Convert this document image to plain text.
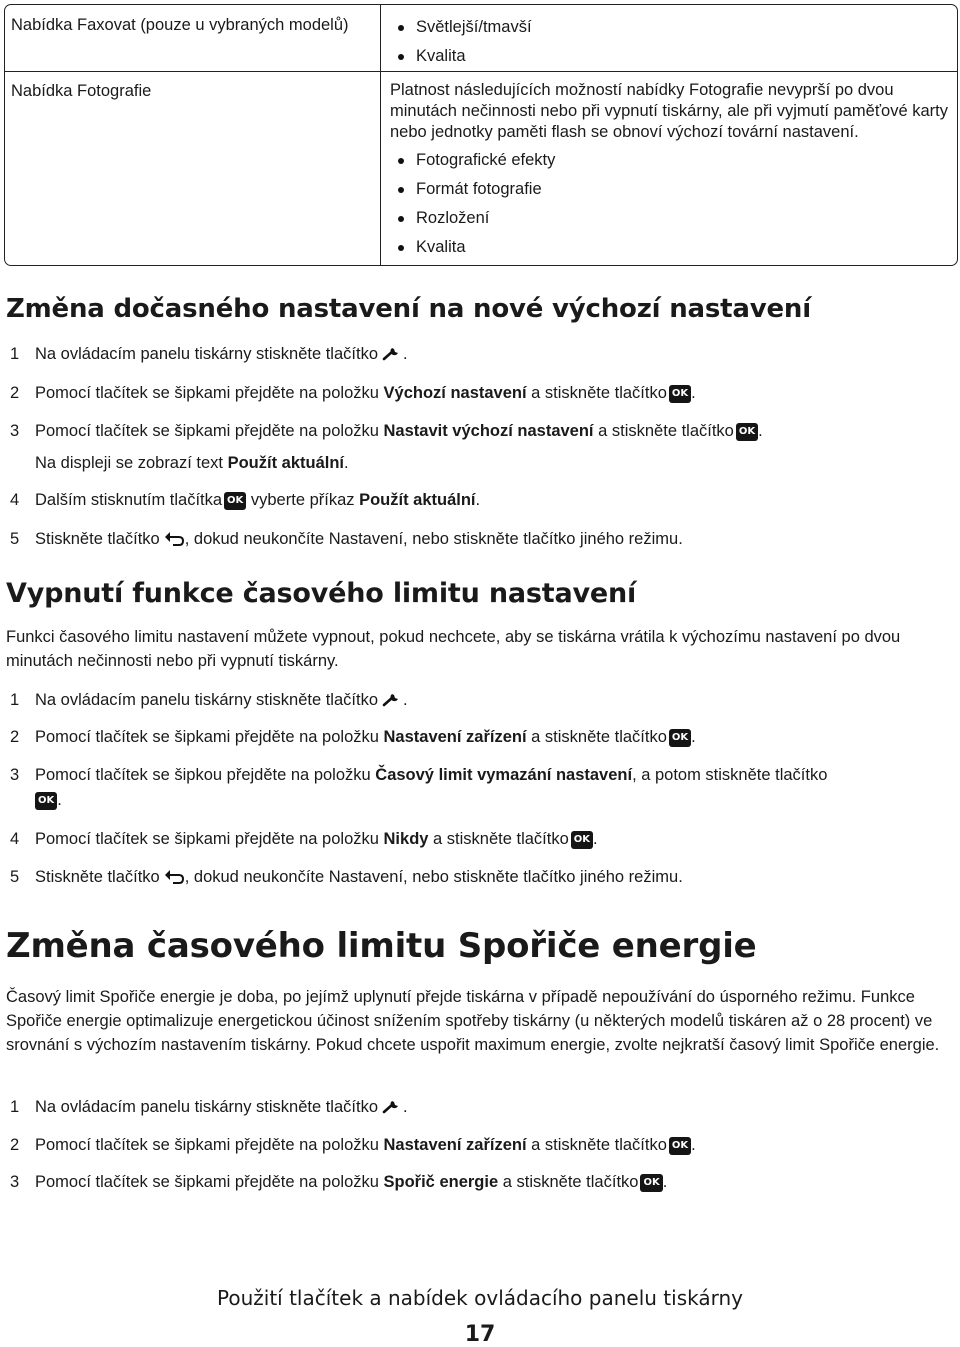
Nabídka Faxovat (pouze u vybraných modelů)	Světlejší/tmavší
Kvalita
Nabídka Fotografie	Platnost následujících možností nabídky Fotografie nevyprší po dvou minutách nečinnosti nebo při vypnutí tiskárny, ale při vyjmutí paměťové karty nebo jednotky paměti flash se obnoví výchozí tovární nastavení.
Fotografické efekty
Formát fotografie
Rozložení
Kvalita
Změna dočasného nastavení na nové výchozí nastavení
1 Na ovládacím panelu tiskárny stiskněte tlačítko .
2 Pomocí tlačítek se šipkami přejděte na položku Výchozí nastavení a stiskněte tlačítko OK .
3 Pomocí tlačítek se šipkami přejděte na položku Nastavit výchozí nastavení a stiskněte tlačítko OK .
Na displeji se zobrazí text Použít aktuální.
4 Dalším stisknutím tlačítka OK vyberte příkaz Použít aktuální.
5 Stiskněte tlačítko , dokud neukončíte Nastavení, nebo stiskněte tlačítko jiného režimu.
Vypnutí funkce časového limitu nastavení
Funkci časového limitu nastavení můžete vypnout, pokud nechcete, aby se tiskárna vrátila k výchozímu nastavení po dvou minutách nečinnosti nebo při vypnutí tiskárny.
1 Na ovládacím panelu tiskárny stiskněte tlačítko .
2 Pomocí tlačítek se šipkami přejděte na položku Nastavení zařízení a stiskněte tlačítko OK .
3 Pomocí tlačítek se šipkou přejděte na položku Časový limit vymazání nastavení, a potom stiskněte tlačítko
OK .
4 Pomocí tlačítek se šipkami přejděte na položku Nikdy a stiskněte tlačítko OK .
5 Stiskněte tlačítko , dokud neukončíte Nastavení, nebo stiskněte tlačítko jiného režimu.
Změna časového limitu Spořiče energie
Časový limit Spořiče energie je doba, po jejímž uplynutí přejde tiskárna v případě nepoužívání do úsporného režimu. Funkce Spořiče energie optimalizuje energetickou účinost snížením spotřeby tiskárny (u některých modelů tiskáren až o 28 procent) ve srovnání s výchozím nastavením tiskárny. Pokud chcete uspořit maximum energie, zvolte nejkratší časový limit Spořiče energie.
1 Na ovládacím panelu tiskárny stiskněte tlačítko .
2 Pomocí tlačítek se šipkami přejděte na položku Nastavení zařízení a stiskněte tlačítko OK .
3 Pomocí tlačítek se šipkami přejděte na položku Spořič energie a stiskněte tlačítko OK .
Použití tlačítek a nabídek ovládacího panelu tiskárny
17
